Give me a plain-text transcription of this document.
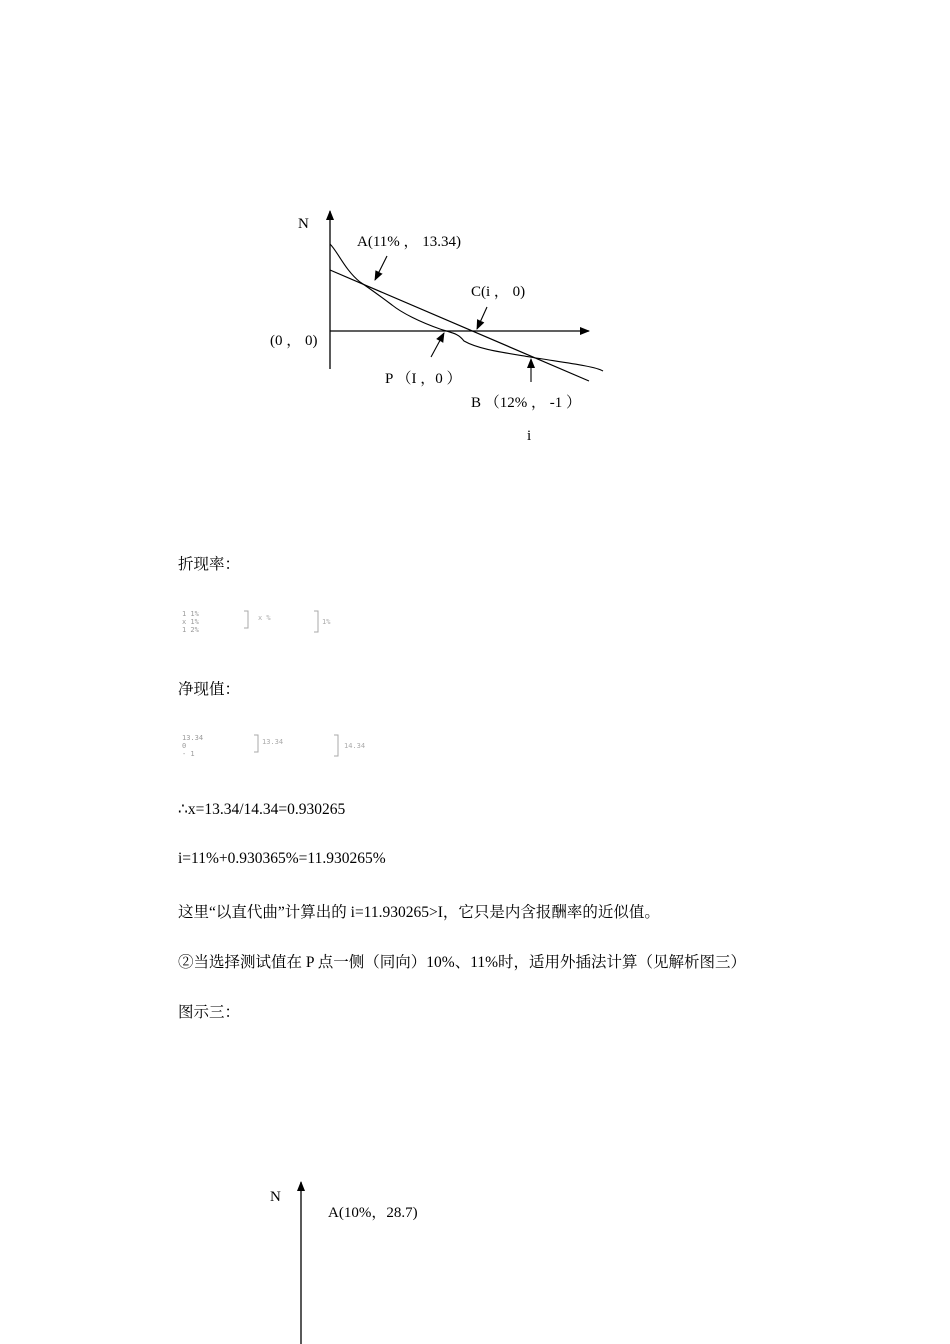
N
A(11% ， 13.34)
C(i ， 0)
(0 ， 0)
P （I ，0 ）
B （12% ， -1 ）
i
折现率：
1 1%
x 1%
1 2%
x %	1%
净现值：
13.34
0
- 1
13.34	14.34
∴x=13.34/14.34=0.930265
i=11%+0.930365%=11.930265%
这里“以直代曲”计算出的 i=11.930265>I，它只是内含报酬率的近似值。
②当选择测试值在 P 点一侧（同向）10%、11%时，适用外插法计算（见解析图三）
图示三：
N
A(10%，28.7)
